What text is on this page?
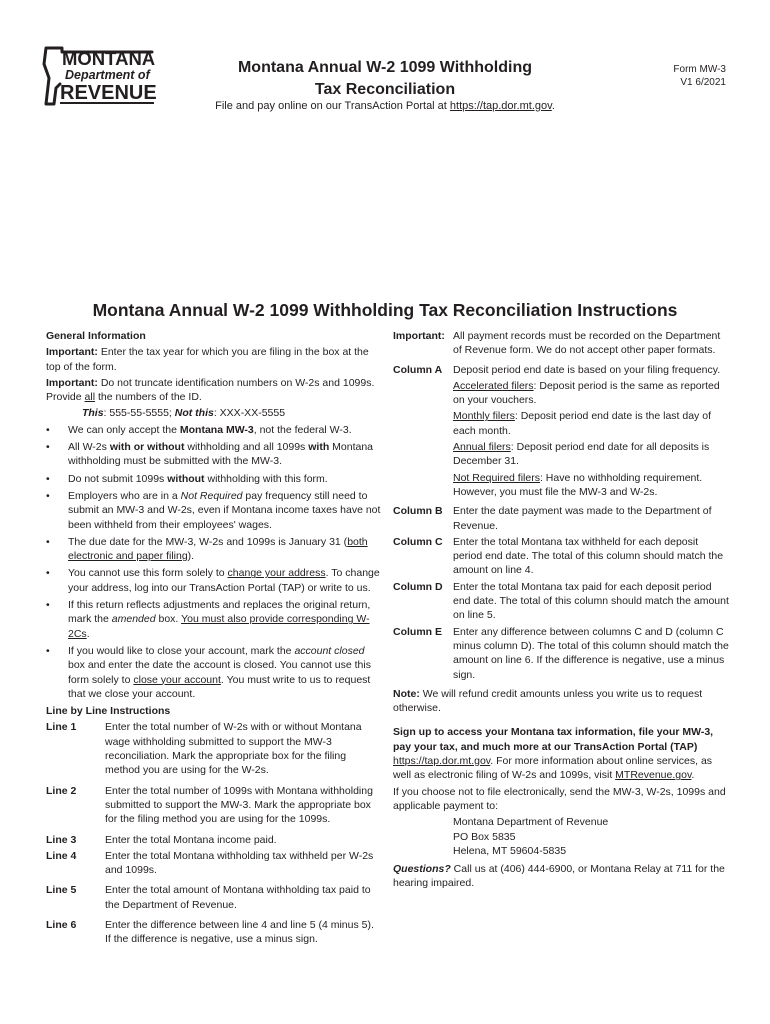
MONTANA
Department of
REVENUE
Montana Annual W-2 1099 Withholding
Tax Reconciliation
Form MW-3
V1 6/2021
File and pay online on our TransAction Portal at https://tap.dor.mt.gov.
Montana Annual W-2 1099 Withholding Tax Reconciliation Instructions

General Information

Important: Enter the tax year for which you are filing in the box at the top of the form.

Important: Do not truncate identification numbers on W-2s and 1099s. Provide all the numbers of the ID.

This: 555-55-5555; Not this: XXX-XX-5555

•	We can only accept the Montana MW-3, not the federal W-3.
•	All W-2s with or without withholding and all 1099s with Montana withholding must be submitted with the MW-3.
•	Do not submit 1099s without withholding with this form.
•	Employers who are in a Not Required pay frequency still need to submit an MW-3 and W-2s, even if Montana income taxes have not been withheld from their employees' wages.
•	The due date for the MW-3, W-2s and 1099s is January 31 (both electronic and paper filing).
•	You cannot use this form solely to change your address. To change your address, log into our TransAction Portal (TAP) or write to us.
•	If this return reflects adjustments and replaces the original return, mark the amended box. You must also provide corresponding W-2Cs.
•	If you would like to close your account, mark the account closed box and enter the date the account is closed. You cannot use this form solely to close your account. You must write to us to request that we close your account.

Line by Line Instructions

Line 1	Enter the total number of W-2s with or without Montana wage withholding submitted to support the MW-3 reconciliation. Mark the appropriate box for the filing method you are using for the W-2s.
Line 2	Enter the total number of 1099s with Montana withholding submitted to support the MW-3. Mark the appropriate box for the filing method you are using for the 1099s.
Line 3	Enter the total Montana income paid.
Line 4	Enter the total Montana withholding tax withheld per W-2s and 1099s.
Line 5	Enter the total amount of Montana withholding tax paid to the Department of Revenue.
Line 6	Enter the difference between line 4 and line 5 (4 minus 5). If the difference is negative, use a minus sign.
Important: All payment records must be recorded on the Department of Revenue form. We do not accept other paper formats.
Column A	Deposit period end date is based on your filing frequency.
Accelerated filers: Deposit period is the same as reported on your vouchers.
Monthly filers: Deposit period end date is the last day of each month.
Annual filers: Deposit period end date for all deposits is December 31.
Not Required filers: Have no withholding requirement. However, you must file the MW-3 and W-2s.
Column B Enter the date payment was made to the Department of Revenue.
Column C Enter the total Montana tax withheld for each deposit period end date. The total of this column should match the amount on line 4.
Column D Enter the total Montana tax paid for each deposit period end date. The total of this column should match the amount on line 5.
Column E	Enter any difference between columns C and D (column C minus column D). The total of this column should match the amount on line 6. If the difference is negative, use a minus sign.

Note: We will refund credit amounts unless you write us to request otherwise.

Sign up to access your Montana tax information, file your MW-3, pay your tax, and much more at our TransAction Portal (TAP) https://tap.dor.mt.gov. For more information about online services, as well as electronic filing of W-2s and 1099s, visit MTRevenue.gov.

If you choose not to file electronically, send the MW-3, W-2s, 1099s and applicable payment to:

Montana Department of Revenue
PO Box 5835
Helena, MT 59604-5835

Questions? Call us at (406) 444-6900, or Montana Relay at 711 for the hearing impaired.
